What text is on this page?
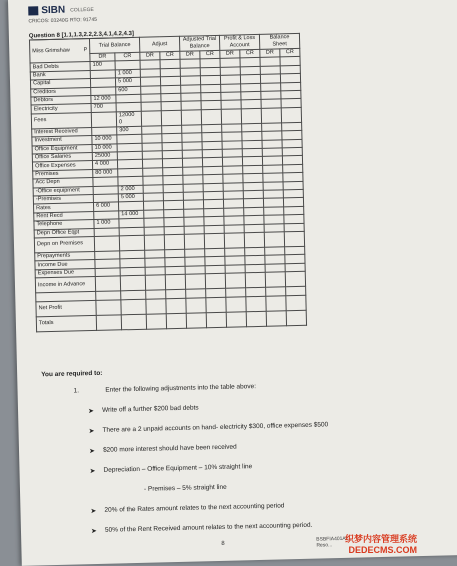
SIBN COLLEGE
CRICOS: 03240G RTO: 91745
Question 8 [1.1,1.3,2.2,2.3,4.1,4.2,4.3]
Miss Grimshaw P	Trial Balance		Adjust		Adjusted Trial Balance		Profit & Loss Account		Balance Sheet	
	DR	CR	DR	CR	DR	CR	DR	CR	DR	CR
Bad Debts	100									
Bank		1 000								
Capital		5 000								
Creditors		600								
Debtors	12 000									
Electricity	700									
Fees		12000
0								
Interest Received		300								
Investment	10 000									
Office Equipment	10 000									
Office Salaries	25000									
Office Expenses	4 000									
Premises	80 000									
Acc Depn										
-Office equipment		2 000								
-Premises		5 000								
Rates	6 000									
Rent Recd		14 000								
Telephone	1 000									
Depn Office Eqpt										
Depn on Premises										
Prepayments										
Income Due										
Expenses Due										
Income in Advance										

Net Profit										
Totals										
You are required to:
1.	Enter the following adjustments into the table above:
➤ Write off a further $200 bad debts
➤ There are a 2 unpaid accounts on hand- electricity $300, office expenses $500
➤ $200 more interest should have been received
➤ Depreciation – Office Equipment – 10% straight line
- Premises – 5% straight line
➤ 20% of the Rates amount relates to the next accounting period
➤ 50% of the Rent Received amount relates to the next accounting period.
8
BSBFIA401A/...
Reso...
织梦内容管理系统
DEDECMS.COM
